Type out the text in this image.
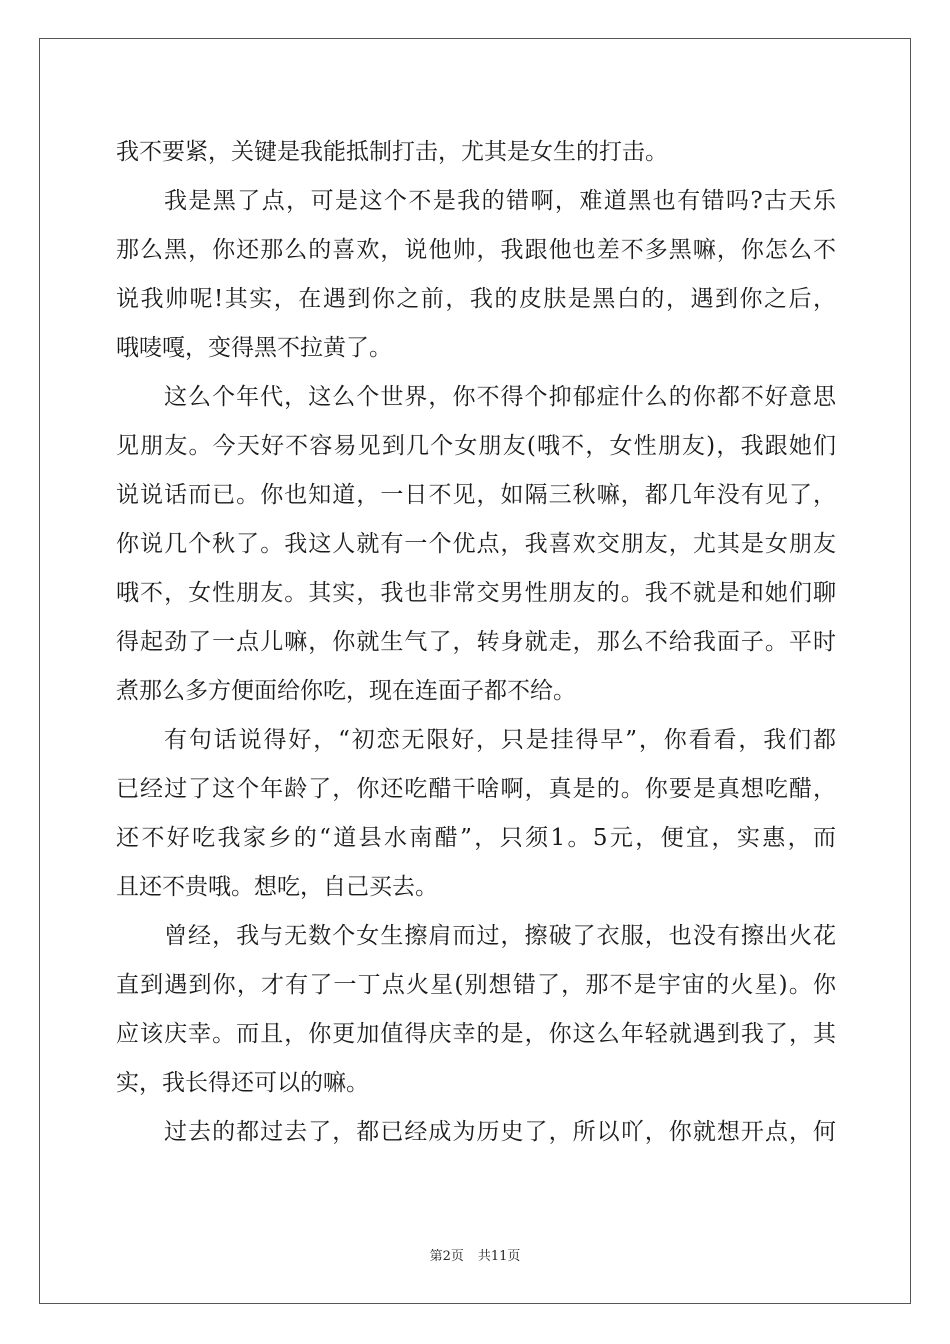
我不要紧，关键是我能抵制打击，尤其是女生的打击。
我是黑了点，可是这个不是我的错啊，难道黑也有错吗?古天乐
那么黑，你还那么的喜欢，说他帅，我跟他也差不多黑嘛，你怎么不
说我帅呢!其实，在遇到你之前，我的皮肤是黑白的，遇到你之后，
哦唛嘎，变得黑不拉黄了。
这么个年代，这么个世界，你不得个抑郁症什么的你都不好意思
见朋友。今天好不容易见到几个女朋友(哦不，女性朋友)，我跟她们
说说话而已。你也知道，一日不见，如隔三秋嘛，都几年没有见了，
你说几个秋了。我这人就有一个优点，我喜欢交朋友，尤其是女朋友
哦不，女性朋友。其实，我也非常交男性朋友的。我不就是和她们聊
得起劲了一点儿嘛，你就生气了，转身就走，那么不给我面子。平时
煮那么多方便面给你吃，现在连面子都不给。
有句话说得好，“初恋无限好，只是挂得早”，你看看，我们都
已经过了这个年龄了，你还吃醋干啥啊，真是的。你要是真想吃醋，
还不好吃我家乡的“道县水南醋”，只须1。5元，便宜，实惠，而
且还不贵哦。想吃，自己买去。
曾经，我与无数个女生擦肩而过，擦破了衣服，也没有擦出火花
直到遇到你，才有了一丁点火星(别想错了，那不是宇宙的火星)。你
应该庆幸。而且，你更加值得庆幸的是，你这么年轻就遇到我了，其
实，我长得还可以的嘛。
过去的都过去了，都已经成为历史了，所以吖，你就想开点，何
第2页 共11页
